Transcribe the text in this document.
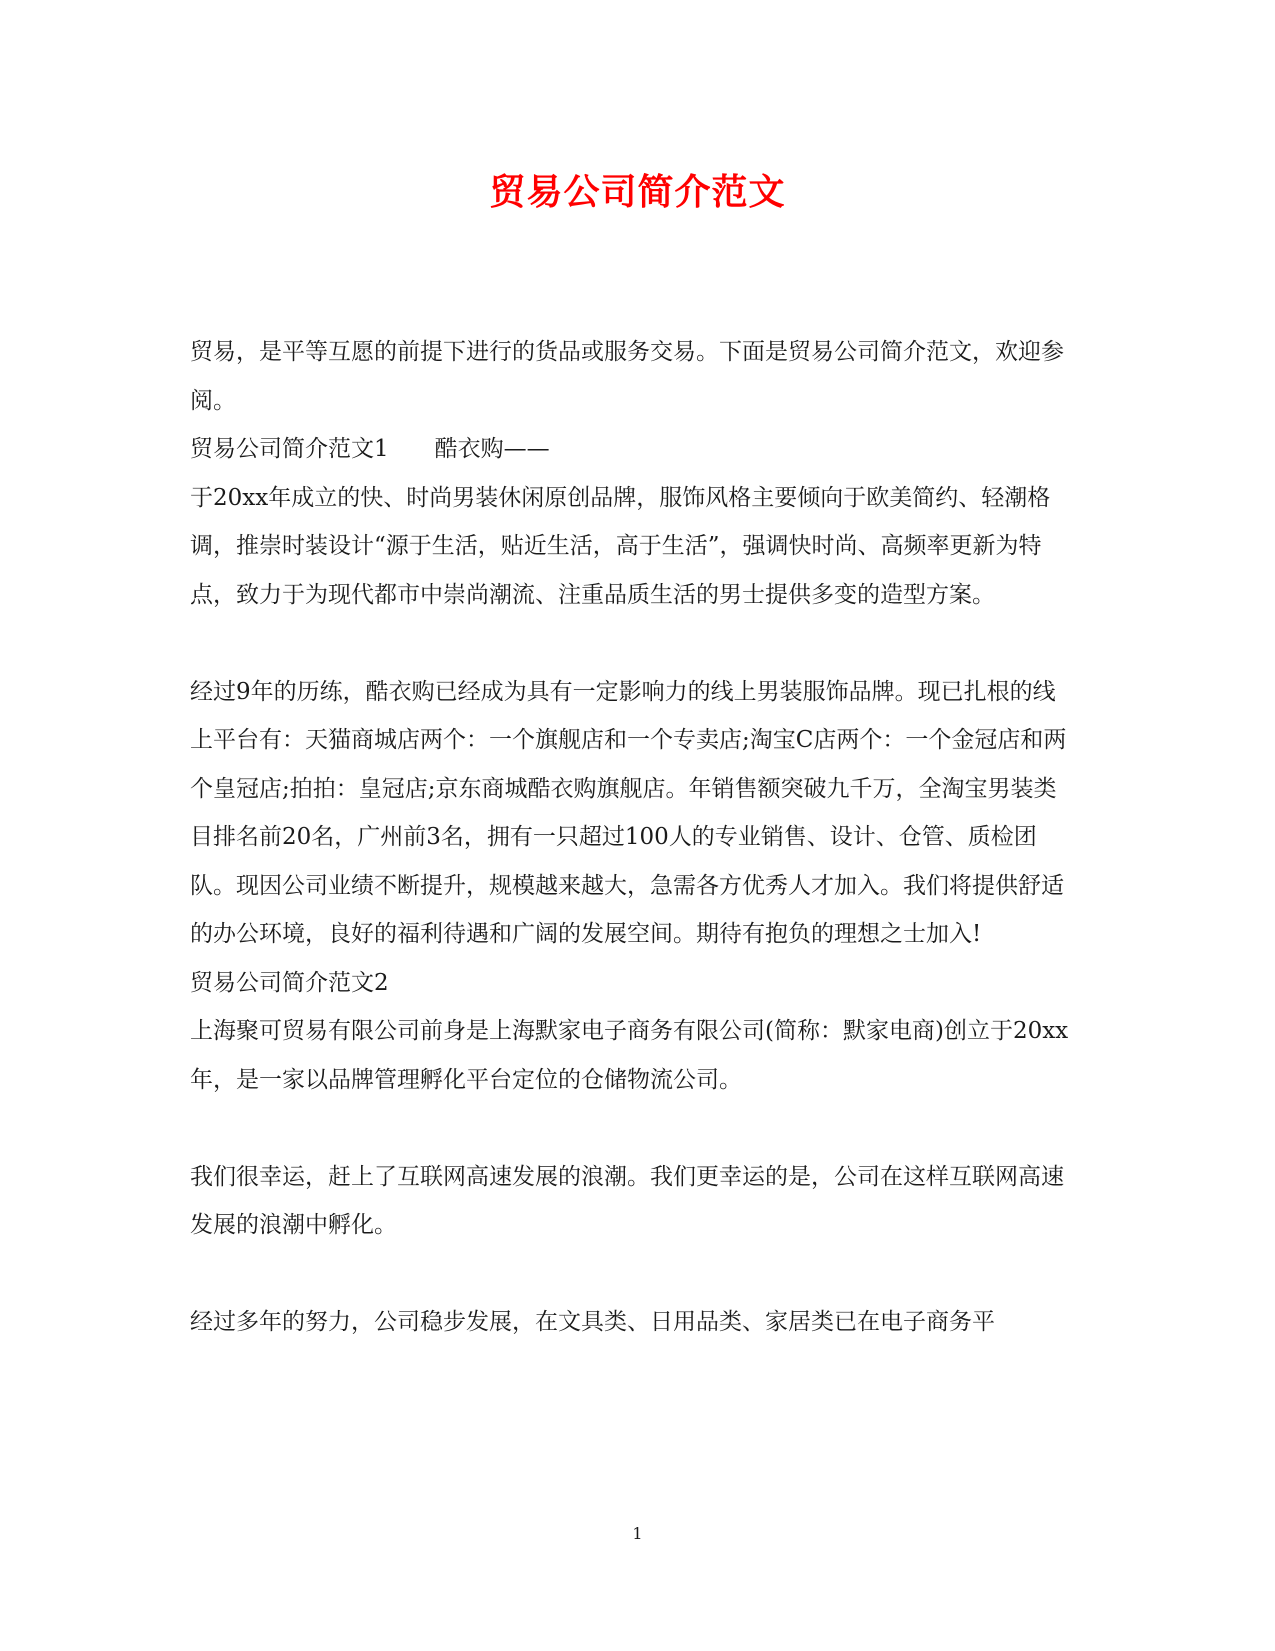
贸易公司简介范文

贸易，是平等互愿的前提下进行的货品或服务交易。下面是贸易公司简介范文，欢迎参阅。

贸易公司简介范文1 酷衣购——

于20xx年成立的快、时尚男装休闲原创品牌，服饰风格主要倾向于欧美简约、轻潮格调，推崇时装设计“源于生活，贴近生活，高于生活”，强调快时尚、高频率更新为特点，致力于为现代都市中崇尚潮流、注重品质生活的男士提供多变的造型方案。

经过9年的历练，酷衣购已经成为具有一定影响力的线上男装服饰品牌。现已扎根的线上平台有：天猫商城店两个：一个旗舰店和一个专卖店;淘宝C店两个：一个金冠店和两个皇冠店;拍拍：皇冠店;京东商城酷衣购旗舰店。年销售额突破九千万，全淘宝男装类目排名前20名，广州前3名，拥有一只超过100人的专业销售、设计、仓管、质检团队。现因公司业绩不断提升，规模越来越大，急需各方优秀人才加入。我们将提供舒适的办公环境，良好的福利待遇和广阔的发展空间。期待有抱负的理想之士加入!

贸易公司简介范文2

上海聚可贸易有限公司前身是上海默家电子商务有限公司(简称：默家电商)创立于20xx年，是一家以品牌管理孵化平台定位的仓储物流公司。

我们很幸运，赶上了互联网高速发展的浪潮。我们更幸运的是，公司在这样互联网高速发展的浪潮中孵化。

经过多年的努力，公司稳步发展，在文具类、日用品类、家居类已在电子商务平

1
